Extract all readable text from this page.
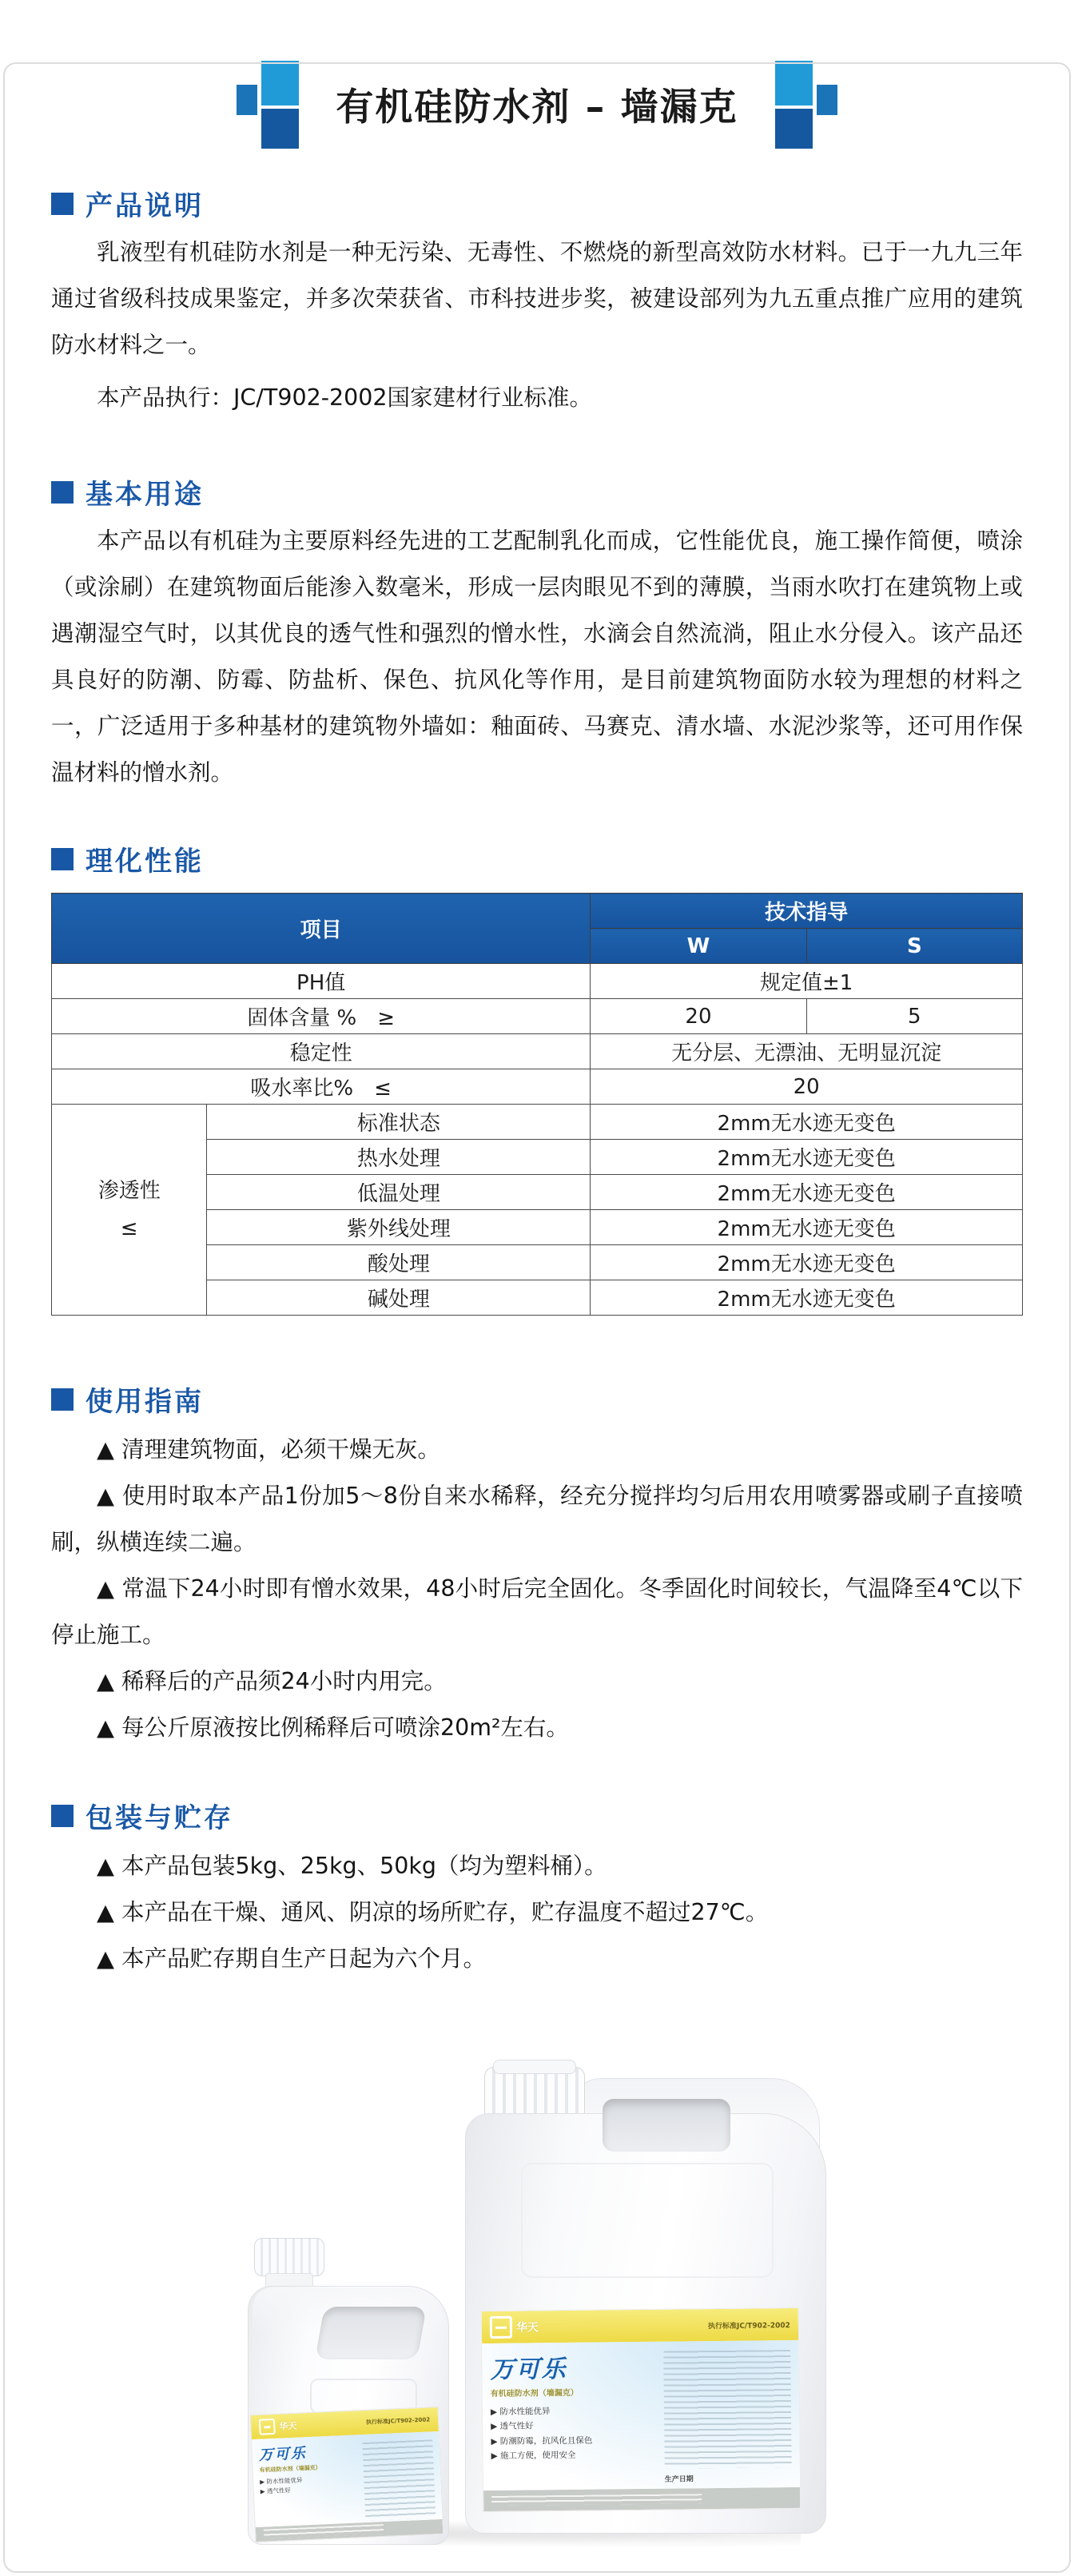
有机硅防水剂 – 墙漏克
产品说明

乳液型有机硅防水剂是一种无污染、无毒性、不燃烧的新型高效防水材料。已于一九九三年通过省级科技成果鉴定，并多次荣获省、市科技进步奖，被建设部列为九五重点推广应用的建筑防水材料之一。

本产品执行：JC/T902-2002国家建材行业标准。

基本用途

本产品以有机硅为主要原料经先进的工艺配制乳化而成，它性能优良，施工操作简便，喷涂（或涂刷）在建筑物面后能渗入数毫米，形成一层肉眼见不到的薄膜，当雨水吹打在建筑物上或遇潮湿空气时，以其优良的透气性和强烈的憎水性，水滴会自然流淌，阻止水分侵入。该产品还具良好的防潮、防霉、防盐析、保色、抗风化等作用，是目前建筑物面防水较为理想的材料之一，广泛适用于多种基材的建筑物外墙如：釉面砖、马赛克、清水墙、水泥沙浆等，还可用作保温材料的憎水剂。

理化性能
项目		技术指导	
		W	S
PH值		规定值±1	
固体含量 %　≥		20	5
稳定性		无分层、无漂油、无明显沉淀	
吸水率比%　≤		20	
渗透性
≤	标准状态	2mm无水迹无变色	
	热水处理	2mm无水迹无变色	
	低温处理	2mm无水迹无变色	
	紫外线处理	2mm无水迹无变色	
	酸处理	2mm无水迹无变色	
	碱处理	2mm无水迹无变色	
使用指南

▲ 清理建筑物面，必须干燥无灰。

▲ 使用时取本产品1份加5～8份自来水稀释，经充分搅拌均匀后用农用喷雾器或刷子直接喷刷，纵横连续二遍。

▲ 常温下24小时即有憎水效果，48小时后完全固化。冬季固化时间较长，气温降至4℃以下停止施工。

▲ 稀释后的产品须24小时内用完。

▲ 每公斤原液按比例稀释后可喷涂20m²左右。

包装与贮存

▲ 本产品包装5kg、25kg、50kg（均为塑料桶）。

▲ 本产品在干燥、通风、阴凉的场所贮存，贮存温度不超过27℃。

▲ 本产品贮存期自生产日起为六个月。

华天	执行标准JC/T902-2002
万可乐
有机硅防水剂（墙漏克）
▶ 防水性能优异
▶ 透气性好
华天	执行标准JC/T902-2002
万可乐
有机硅防水剂（墙漏克）
▶ 防水性能优异
▶ 透气性好
▶ 防潮防霉，抗风化且保色
▶ 施工方便，使用安全
生产日期
